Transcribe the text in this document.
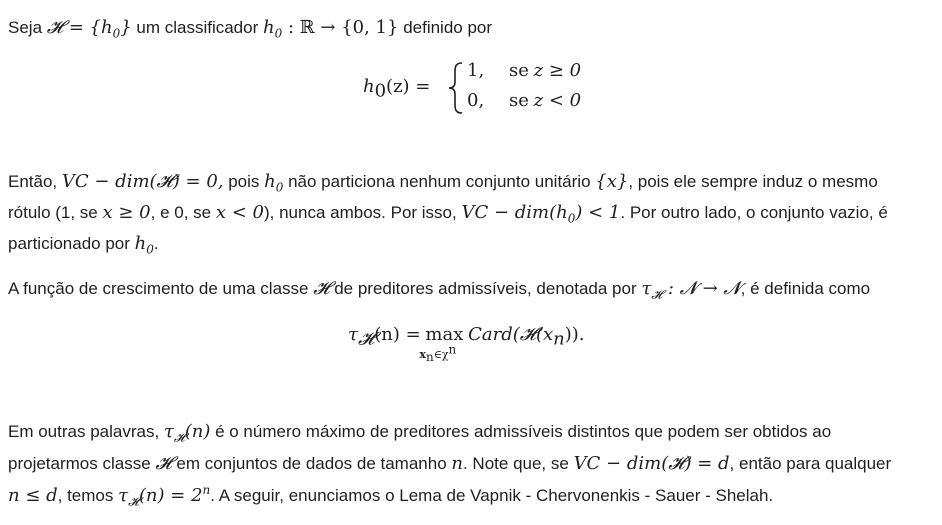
Seja 𝓗 = $\{h_0\}$ um classificador $h_0$ : ℝ → {0, 1} definido por
$h_0(z)$ =
1, se z ≥ 0
0, se z < 0
Então, VC − dim(𝓗) = 0, pois $h_0$ não particiona nenhum conjunto unitário {x}, pois ele sempre induz o mesmo
rótulo (1, se x ≥ 0, e 0, se x < 0), nunca ambos. Por isso, VC − $dim(h_0) < 1$. Por outro lado, o conjunto vazio, é
particionado por $h_0$.
A função de crescimento de uma classe 𝓗 de preditores admissíveis, denotada por $\tau_𝓗$ : 𝓝 → 𝓝, é definida como
$\tau_𝓗(n) = \max$
$x_n\in\chi^n$
$Card(𝓗(x_n))$.
Em outras palavras, $\tau_𝓗(n)$ é o número máximo de preditores admissíveis distintos que podem ser obtidos ao
projetarmos classe 𝓗 em conjuntos de dados de tamanho n. Note que, se VC − dim(𝓗) = d, então para qualquer
n ≤ d, temos $\tau_𝓗(n) = 2^n$. A seguir, enunciamos o Lema de Vapnik - Chervonenkis - Sauer - Shelah.
